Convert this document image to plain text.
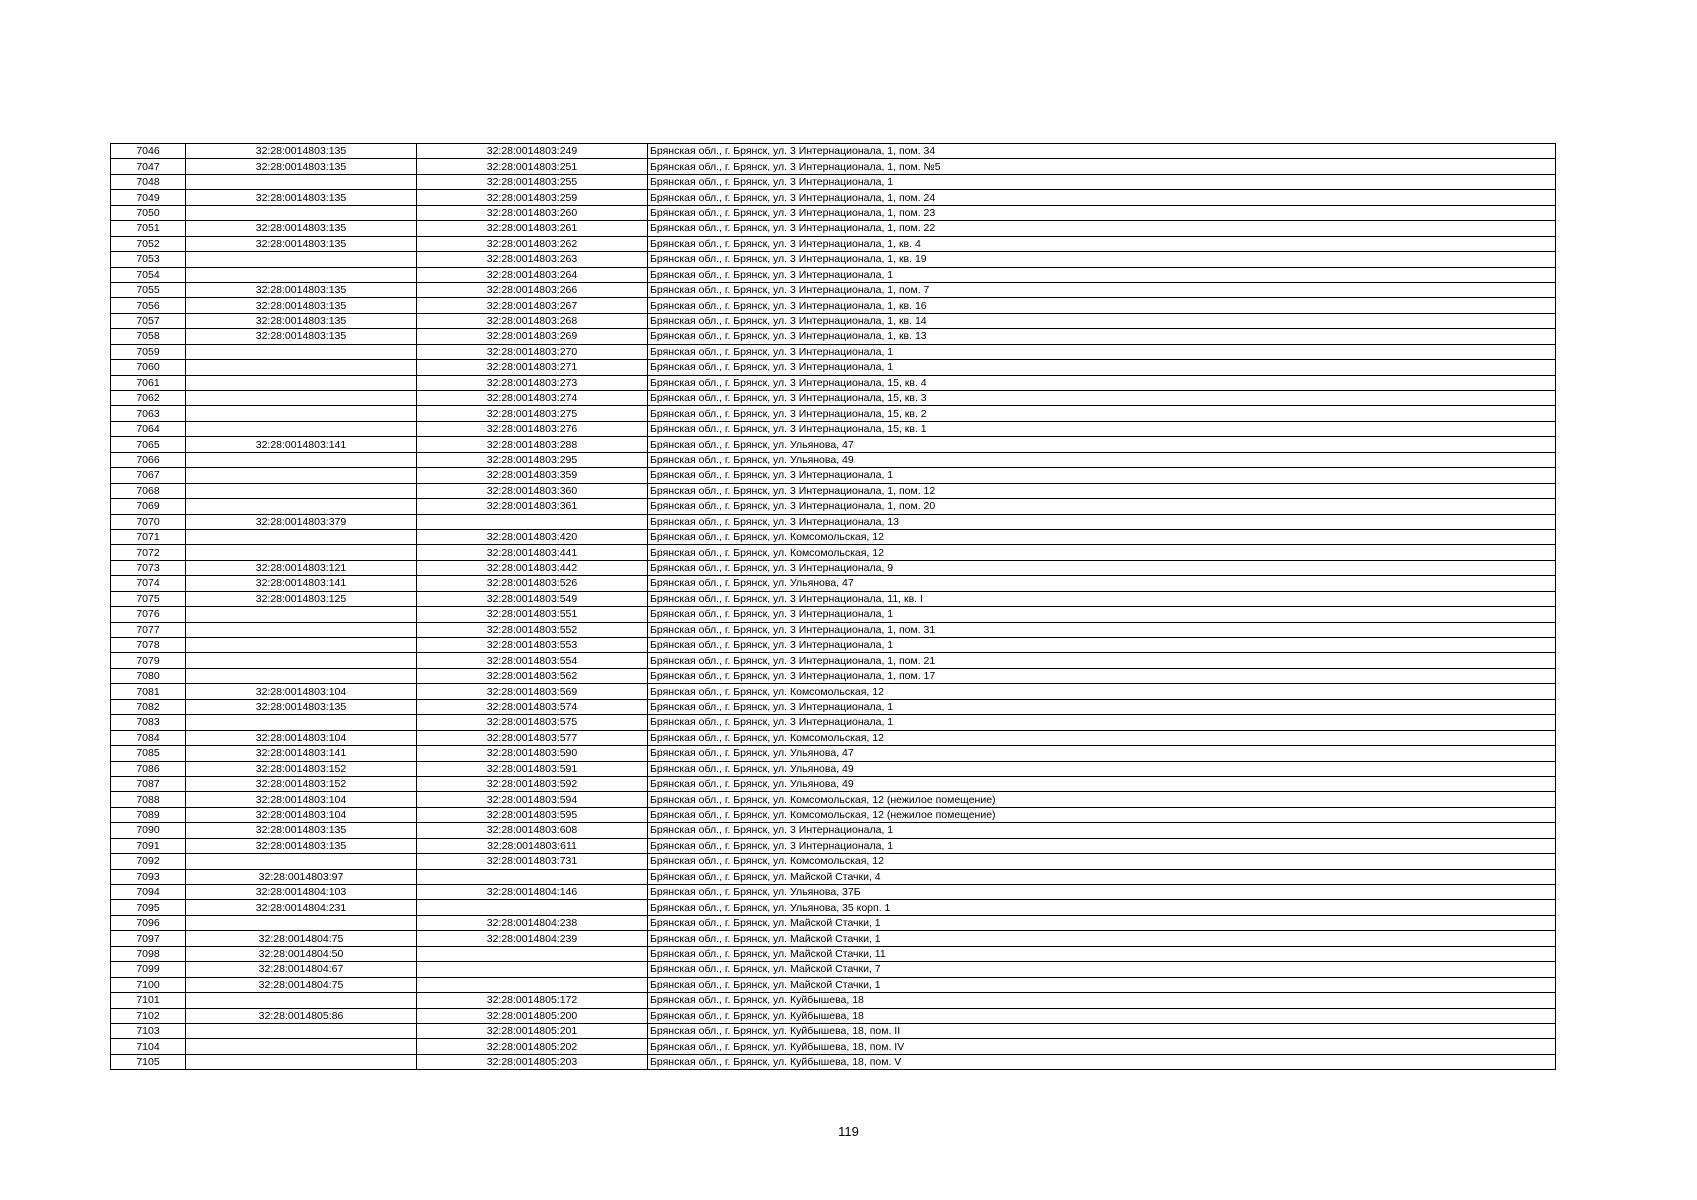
7046	32:28:0014803:135	32:28:0014803:249	Брянская обл., г. Брянск, ул. 3 Интернационала, 1, пом. 34
7047	32:28:0014803:135	32:28:0014803:251	Брянская обл., г. Брянск, ул. 3 Интернационала, 1, пом. №5
7048		32:28:0014803:255	Брянская обл., г. Брянск, ул. 3 Интернационала, 1
7049	32:28:0014803:135	32:28:0014803:259	Брянская обл., г. Брянск, ул. 3 Интернационала, 1, пом. 24
7050		32:28:0014803:260	Брянская обл., г. Брянск, ул. 3 Интернационала, 1, пом. 23
7051	32:28:0014803:135	32:28:0014803:261	Брянская обл., г. Брянск, ул. 3 Интернационала, 1, пом. 22
7052	32:28:0014803:135	32:28:0014803:262	Брянская обл., г. Брянск, ул. 3 Интернационала, 1, кв. 4
7053		32:28:0014803:263	Брянская обл., г. Брянск, ул. 3 Интернационала, 1, кв. 19
7054		32:28:0014803:264	Брянская обл., г. Брянск, ул. 3 Интернационала, 1
7055	32:28:0014803:135	32:28:0014803:266	Брянская обл., г. Брянск, ул. 3 Интернационала, 1, пом. 7
7056	32:28:0014803:135	32:28:0014803:267	Брянская обл., г. Брянск, ул. 3 Интернационала, 1, кв. 16
7057	32:28:0014803:135	32:28:0014803:268	Брянская обл., г. Брянск, ул. 3 Интернационала, 1, кв. 14
7058	32:28:0014803:135	32:28:0014803:269	Брянская обл., г. Брянск, ул. 3 Интернационала, 1, кв. 13
7059		32:28:0014803:270	Брянская обл., г. Брянск, ул. 3 Интернационала, 1
7060		32:28:0014803:271	Брянская обл., г. Брянск, ул. 3 Интернационала, 1
7061		32:28:0014803:273	Брянская обл., г. Брянск, ул. 3 Интернационала, 15, кв. 4
7062		32:28:0014803:274	Брянская обл., г. Брянск, ул. 3 Интернационала, 15, кв. 3
7063		32:28:0014803:275	Брянская обл., г. Брянск, ул. 3 Интернационала, 15, кв. 2
7064		32:28:0014803:276	Брянская обл., г. Брянск, ул. 3 Интернационала, 15, кв. 1
7065	32:28:0014803:141	32:28:0014803:288	Брянская обл., г. Брянск, ул. Ульянова, 47
7066		32:28:0014803:295	Брянская обл., г. Брянск, ул. Ульянова, 49
7067		32:28:0014803:359	Брянская обл., г. Брянск, ул. 3 Интернационала, 1
7068		32:28:0014803:360	Брянская обл., г. Брянск, ул. 3 Интернационала, 1, пом. 12
7069		32:28:0014803:361	Брянская обл., г. Брянск, ул. 3 Интернационала, 1, пом. 20
7070	32:28:0014803:379		Брянская обл., г. Брянск, ул. 3 Интернационала, 13
7071		32:28:0014803:420	Брянская обл., г. Брянск, ул. Комсомольская, 12
7072		32:28:0014803:441	Брянская обл., г. Брянск, ул. Комсомольская, 12
7073	32:28:0014803:121	32:28:0014803:442	Брянская обл., г. Брянск, ул. 3 Интернационала, 9
7074	32:28:0014803:141	32:28:0014803:526	Брянская обл., г. Брянск, ул. Ульянова, 47
7075	32:28:0014803:125	32:28:0014803:549	Брянская обл., г. Брянск, ул. 3 Интернационала, 11, кв. I
7076		32:28:0014803:551	Брянская обл., г. Брянск, ул. 3 Интернационала, 1
7077		32:28:0014803:552	Брянская обл., г. Брянск, ул. 3 Интернационала, 1, пом. 31
7078		32:28:0014803:553	Брянская обл., г. Брянск, ул. 3 Интернационала, 1
7079		32:28:0014803:554	Брянская обл., г. Брянск, ул. 3 Интернационала, 1, пом. 21
7080		32:28:0014803:562	Брянская обл., г. Брянск, ул. 3 Интернационала, 1, пом. 17
7081	32:28:0014803:104	32:28:0014803:569	Брянская обл., г. Брянск, ул. Комсомольская, 12
7082	32:28:0014803:135	32:28:0014803:574	Брянская обл., г. Брянск, ул. 3 Интернационала, 1
7083		32:28:0014803:575	Брянская обл., г. Брянск, ул. 3 Интернационала, 1
7084	32:28:0014803:104	32:28:0014803:577	Брянская обл., г. Брянск, ул. Комсомольская, 12
7085	32:28:0014803:141	32:28:0014803:590	Брянская обл., г. Брянск, ул. Ульянова, 47
7086	32:28:0014803:152	32:28:0014803:591	Брянская обл., г. Брянск, ул. Ульянова, 49
7087	32:28:0014803:152	32:28:0014803:592	Брянская обл., г. Брянск, ул. Ульянова, 49
7088	32:28:0014803:104	32:28:0014803:594	Брянская обл., г. Брянск, ул. Комсомольская, 12 (нежилое помещение)
7089	32:28:0014803:104	32:28:0014803:595	Брянская обл., г. Брянск, ул. Комсомольская, 12 (нежилое помещение)
7090	32:28:0014803:135	32:28:0014803:608	Брянская обл., г. Брянск, ул. 3 Интернационала, 1
7091	32:28:0014803:135	32:28:0014803:611	Брянская обл., г. Брянск, ул. 3 Интернационала, 1
7092		32:28:0014803:731	Брянская обл., г. Брянск, ул. Комсомольская, 12
7093	32:28:0014803:97		Брянская обл., г. Брянск, ул. Майской Стачки, 4
7094	32:28:0014804:103	32:28:0014804:146	Брянская обл., г. Брянск, ул. Ульянова, 37Б
7095	32:28:0014804:231		Брянская обл., г. Брянск, ул. Ульянова, 35 корп. 1
7096		32:28:0014804:238	Брянская обл., г. Брянск, ул. Майской Стачки, 1
7097	32:28:0014804:75	32:28:0014804:239	Брянская обл., г. Брянск, ул. Майской Стачки, 1
7098	32:28:0014804:50		Брянская обл., г. Брянск, ул. Майской Стачки, 11
7099	32:28:0014804:67		Брянская обл., г. Брянск, ул. Майской Стачки, 7
7100	32:28:0014804:75		Брянская обл., г. Брянск, ул. Майской Стачки, 1
7101		32:28:0014805:172	Брянская обл., г. Брянск, ул. Куйбышева, 18
7102	32:28:0014805:86	32:28:0014805:200	Брянская обл., г. Брянск, ул. Куйбышева, 18
7103		32:28:0014805:201	Брянская обл., г. Брянск, ул. Куйбышева, 18, пом. II
7104		32:28:0014805:202	Брянская обл., г. Брянск, ул. Куйбышева, 18, пом. IV
7105		32:28:0014805:203	Брянская обл., г. Брянск, ул. Куйбышева, 18, пом. V
119
